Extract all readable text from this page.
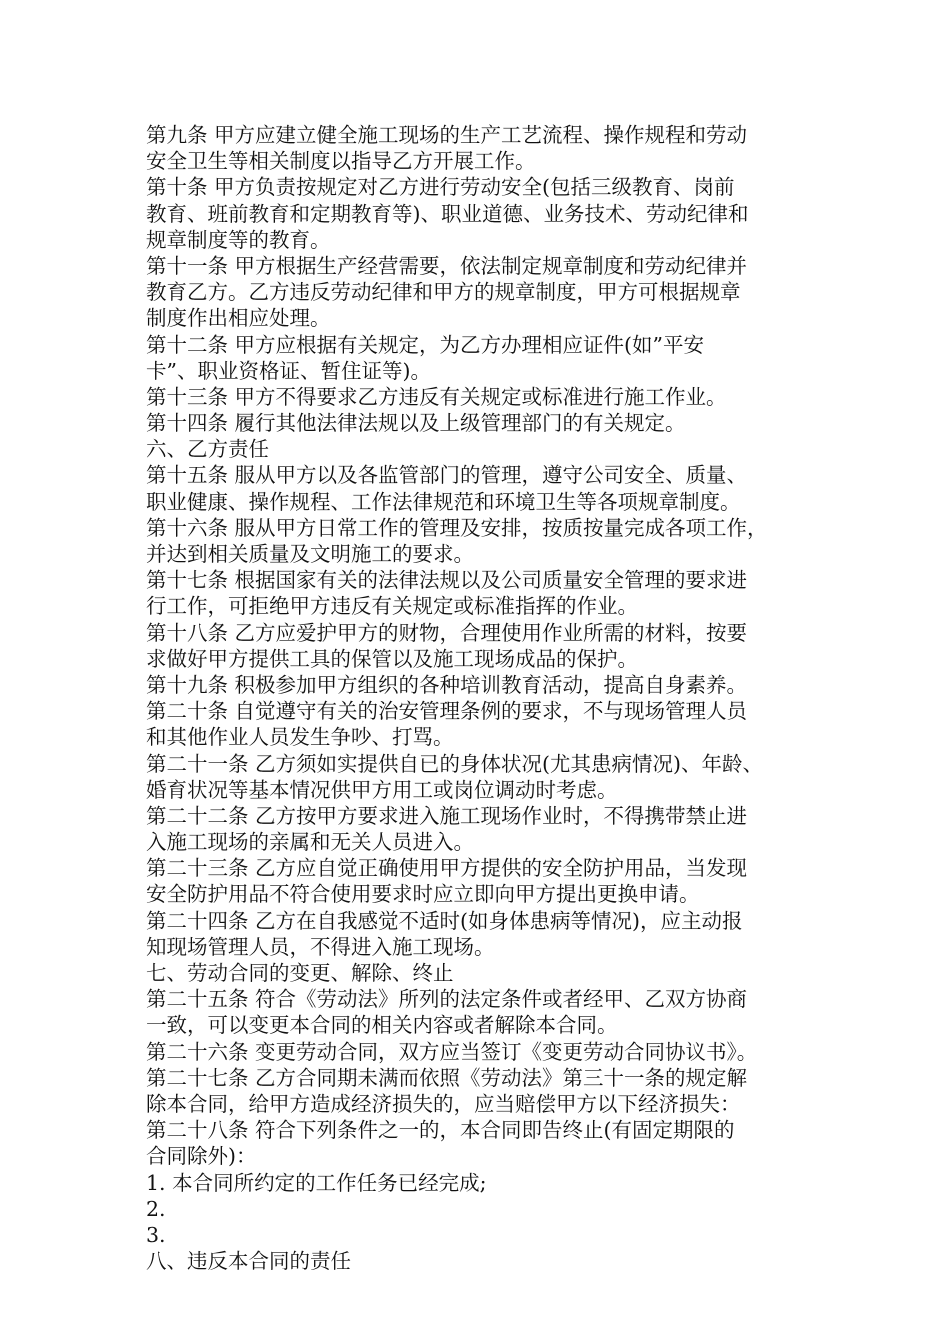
第九条 甲方应建立健全施工现场的生产工艺流程、操作规程和劳动
安全卫生等相关制度以指导乙方开展工作。
第十条 甲方负责按规定对乙方进行劳动安全(包括三级教育、岗前
教育、班前教育和定期教育等)、职业道德、业务技术、劳动纪律和
规章制度等的教育。
第十一条 甲方根据生产经营需要，依法制定规章制度和劳动纪律并
教育乙方。乙方违反劳动纪律和甲方的规章制度，甲方可根据规章
制度作出相应处理。
第十二条 甲方应根据有关规定，为乙方办理相应证件(如”平安
卡”、职业资格证、暂住证等)。
第十三条 甲方不得要求乙方违反有关规定或标准进行施工作业。
第十四条 履行其他法律法规以及上级管理部门的有关规定。
六、乙方责任
第十五条 服从甲方以及各监管部门的管理，遵守公司安全、质量、
职业健康、操作规程、工作法律规范和环境卫生等各项规章制度。
第十六条 服从甲方日常工作的管理及安排，按质按量完成各项工作，
并达到相关质量及文明施工的要求。
第十七条 根据国家有关的法律法规以及公司质量安全管理的要求进
行工作，可拒绝甲方违反有关规定或标准指挥的作业。
第十八条 乙方应爱护甲方的财物，合理使用作业所需的材料，按要
求做好甲方提供工具的保管以及施工现场成品的保护。
第十九条 积极参加甲方组织的各种培训教育活动，提高自身素养。
第二十条 自觉遵守有关的治安管理条例的要求，不与现场管理人员
和其他作业人员发生争吵、打骂。
第二十一条 乙方须如实提供自已的身体状况(尤其患病情况)、年龄、
婚育状况等基本情况供甲方用工或岗位调动时考虑。
第二十二条 乙方按甲方要求进入施工现场作业时，不得携带禁止进
入施工现场的亲属和无关人员进入。
第二十三条 乙方应自觉正确使用甲方提供的安全防护用品，当发现
安全防护用品不符合使用要求时应立即向甲方提出更换申请。
第二十四条 乙方在自我感觉不适时(如身体患病等情况)，应主动报
知现场管理人员，不得进入施工现场。
七、劳动合同的变更、解除、终止
第二十五条 符合《劳动法》所列的法定条件或者经甲、乙双方协商
一致，可以变更本合同的相关内容或者解除本合同。
第二十六条 变更劳动合同，双方应当签订《变更劳动合同协议书》。
第二十七条 乙方合同期未满而依照《劳动法》第三十一条的规定解
除本合同，给甲方造成经济损失的，应当赔偿甲方以下经济损失：
第二十八条 符合下列条件之一的，本合同即告终止(有固定期限的
合同除外)：
1. 本合同所约定的工作任务已经完成;
2.
3.
八、违反本合同的责任
